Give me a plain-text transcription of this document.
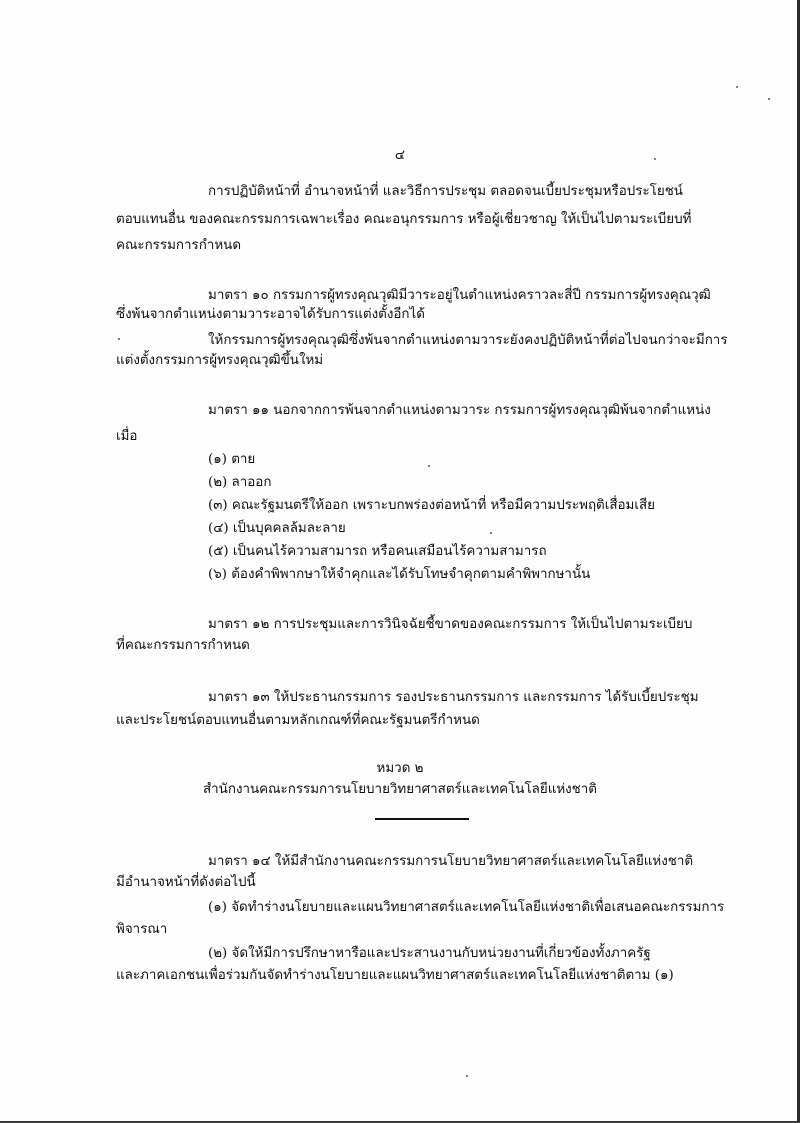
๔
การปฏิบัติหน้าที่ อำนาจหน้าที่ และวิธีการประชุม ตลอดจนเบี้ยประชุมหรือประโยชน์
ตอบแทนอื่น ของคณะกรรมการเฉพาะเรื่อง คณะอนุกรรมการ หรือผู้เชี่ยวชาญ ให้เป็นไปตามระเบียบที่
คณะกรรมการกำหนด
มาตรา ๑๐ กรรมการผู้ทรงคุณวุฒิมีวาระอยู่ในตำแหน่งคราวละสี่ปี กรรมการผู้ทรงคุณวุฒิ
ซึ่งพ้นจากตำแหน่งตามวาระอาจได้รับการแต่งตั้งอีกได้
ให้กรรมการผู้ทรงคุณวุฒิซึ่งพ้นจากตำแหน่งตามวาระยังคงปฏิบัติหน้าที่ต่อไปจนกว่าจะมีการ
แต่งตั้งกรรมการผู้ทรงคุณวุฒิขึ้นใหม่
มาตรา ๑๑ นอกจากการพ้นจากตำแหน่งตามวาระ กรรมการผู้ทรงคุณวุฒิพ้นจากตำแหน่ง
เมื่อ
(๑) ตาย
(๒) ลาออก
(๓) คณะรัฐมนตรีให้ออก เพราะบกพร่องต่อหน้าที่ หรือมีความประพฤติเสื่อมเสีย
(๔) เป็นบุคคลล้มละลาย
(๕) เป็นคนไร้ความสามารถ หรือคนเสมือนไร้ความสามารถ
(๖) ต้องคำพิพากษาให้จำคุกและได้รับโทษจำคุกตามคำพิพากษานั้น
มาตรา ๑๒ การประชุมและการวินิจฉัยชี้ขาดของคณะกรรมการ ให้เป็นไปตามระเบียบ
ที่คณะกรรมการกำหนด
มาตรา ๑๓ ให้ประธานกรรมการ รองประธานกรรมการ และกรรมการ ได้รับเบี้ยประชุม
และประโยชน์ตอบแทนอื่นตามหลักเกณฑ์ที่คณะรัฐมนตรีกำหนด
หมวด ๒
สำนักงานคณะกรรมการนโยบายวิทยาศาสตร์และเทคโนโลยีแห่งชาติ
มาตรา ๑๔ ให้มีสำนักงานคณะกรรมการนโยบายวิทยาศาสตร์และเทคโนโลยีแห่งชาติ
มีอำนาจหน้าที่ดังต่อไปนี้
(๑) จัดทำร่างนโยบายและแผนวิทยาศาสตร์และเทคโนโลยีแห่งชาติเพื่อเสนอคณะกรรมการ
พิจารณา
(๒) จัดให้มีการปรึกษาหารือและประสานงานกับหน่วยงานที่เกี่ยวข้องทั้งภาครัฐ
และภาคเอกชนเพื่อร่วมกันจัดทำร่างนโยบายและแผนวิทยาศาสตร์และเทคโนโลยีแห่งชาติตาม (๑)
